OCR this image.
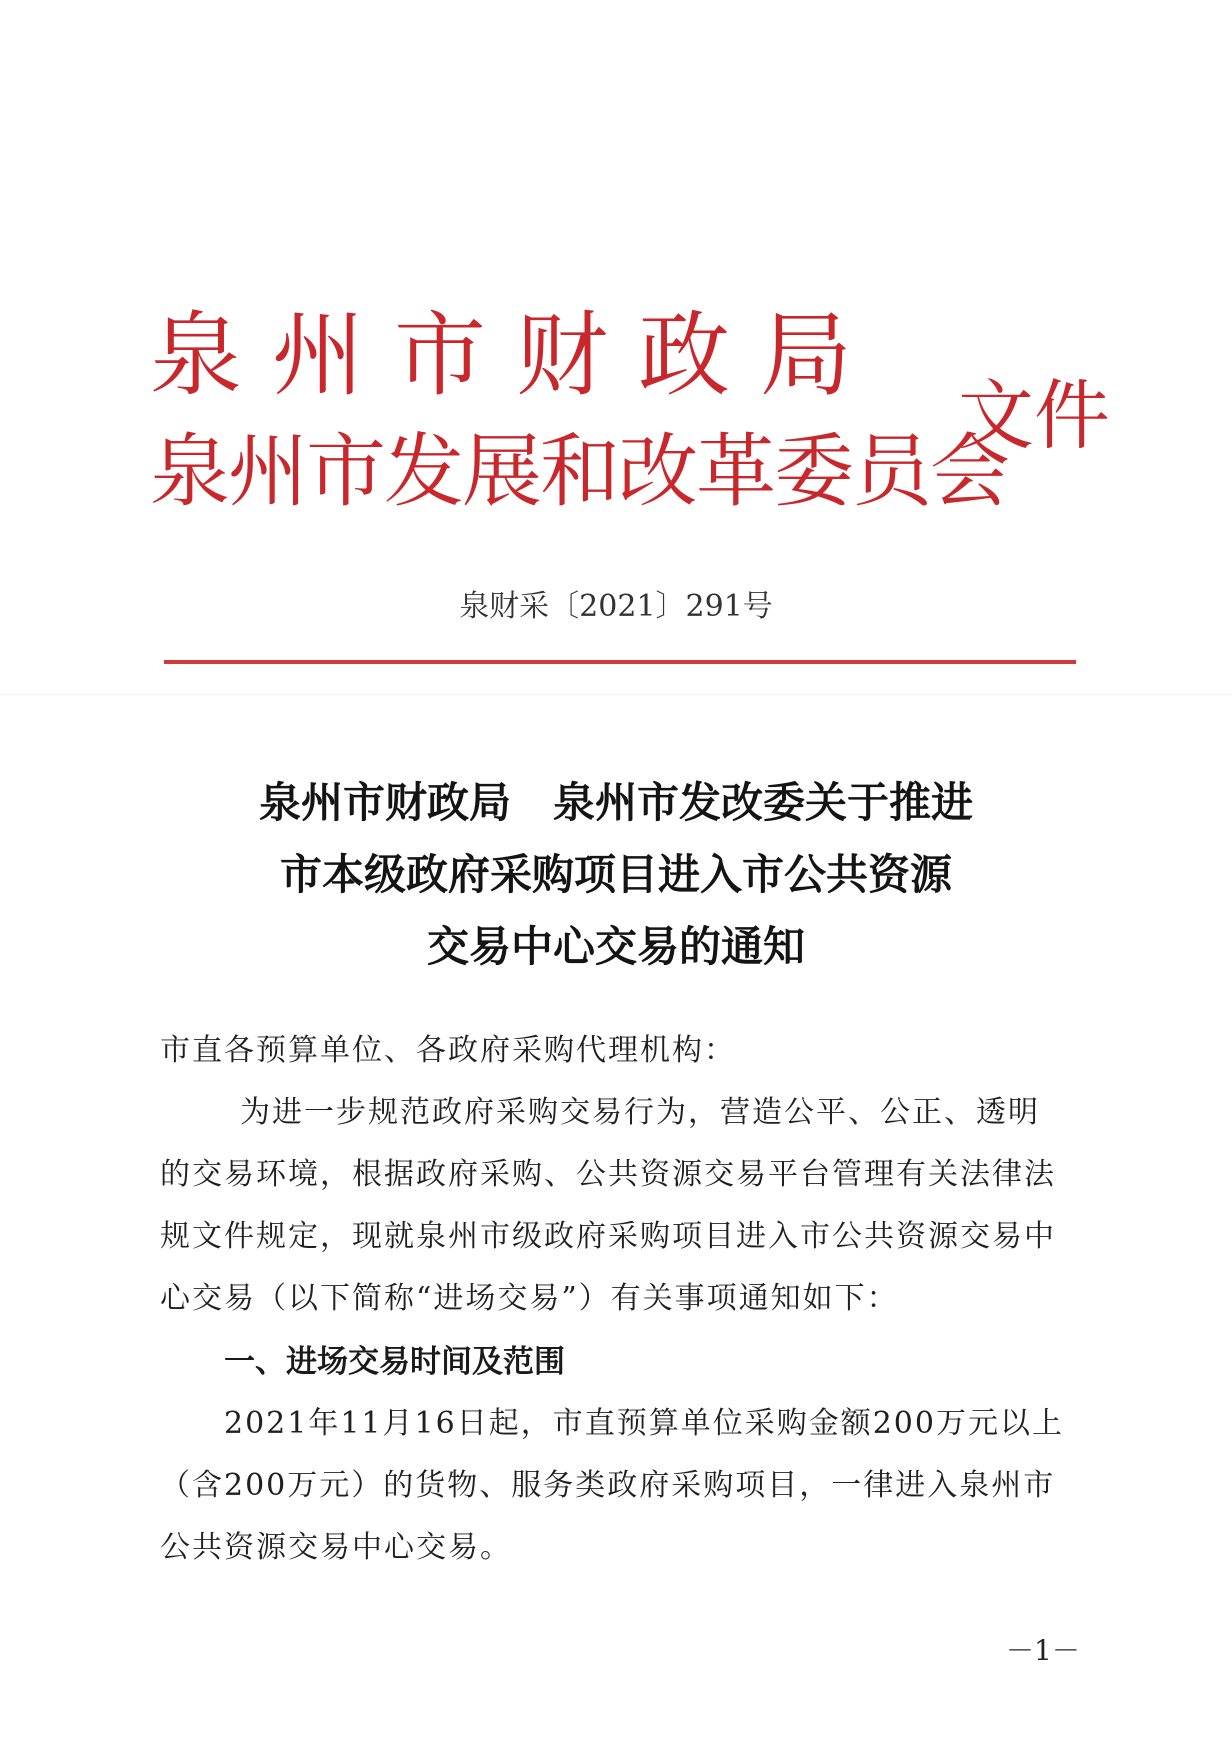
泉州市财政局
泉州市发展和改革委员会
文件
泉财采〔2021〕291号
泉州市财政局　泉州市发改委关于推进
市本级政府采购项目进入市公共资源
交易中心交易的通知
市直各预算单位、各政府采购代理机构：
为进一步规范政府采购交易行为，营造公平、公正、透明
的交易环境，根据政府采购、公共资源交易平台管理有关法律法
规文件规定，现就泉州市级政府采购项目进入市公共资源交易中
心交易（以下简称“进场交易”）有关事项通知如下：
一、进场交易时间及范围
2021年11月16日起，市直预算单位采购金额200万元以上
（含200万元）的货物、服务类政府采购项目，一律进入泉州市
公共资源交易中心交易。
－1－
